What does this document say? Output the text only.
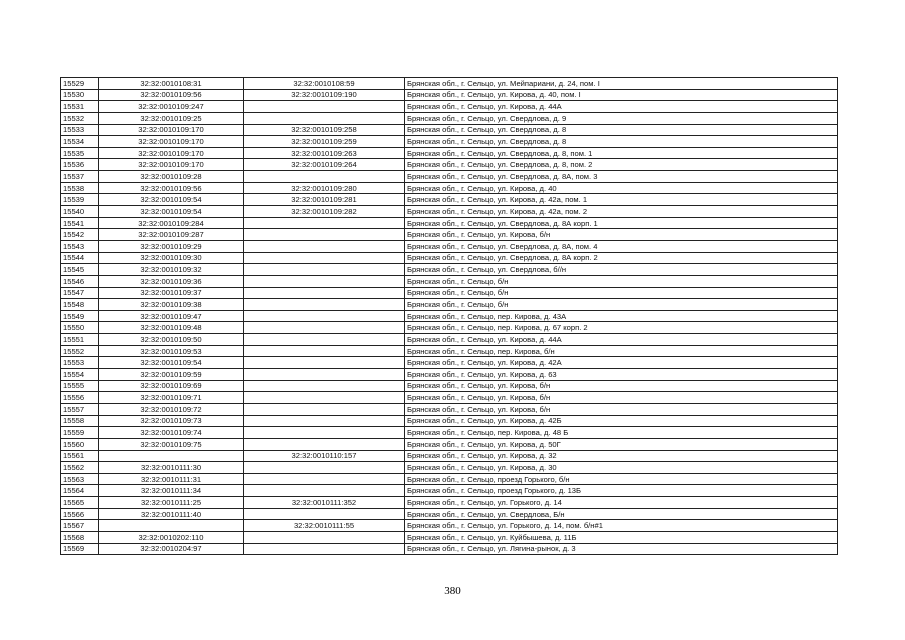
15529	32:32:0010108:31	32:32:0010108:59	Брянская обл., г. Сельцо, ул. Мейпариани, д. 24, пом. I
15530	32:32:0010109:56	32:32:0010109:190	Брянская обл., г. Сельцо, ул. Кирова, д. 40, пом. I
15531	32:32:0010109:247		Брянская обл., г. Сельцо, ул. Кирова, д. 44А
15532	32:32:0010109:25		Брянская обл., г. Сельцо, ул. Свердлова, д. 9
15533	32:32:0010109:170	32:32:0010109:258	Брянская обл., г. Сельцо, ул. Свердлова, д. 8
15534	32:32:0010109:170	32:32:0010109:259	Брянская обл., г. Сельцо, ул. Свердлова, д. 8
15535	32:32:0010109:170	32:32:0010109:263	Брянская обл., г. Сельцо, ул. Свердлова, д. 8, пом. 1
15536	32:32:0010109:170	32:32:0010109:264	Брянская обл., г. Сельцо, ул. Свердлова, д. 8, пом. 2
15537	32:32:0010109:28		Брянская обл., г. Сельцо, ул. Свердлова, д. 8А, пом. 3
15538	32:32:0010109:56	32:32:0010109:280	Брянская обл., г. Сельцо, ул. Кирова, д. 40
15539	32:32:0010109:54	32:32:0010109:281	Брянская обл., г. Сельцо, ул. Кирова, д. 42а, пом. 1
15540	32:32:0010109:54	32:32:0010109:282	Брянская обл., г. Сельцо, ул. Кирова, д. 42а, пом. 2
15541	32:32:0010109:284		Брянская обл., г. Сельцо, ул. Свердлова, д. 8А корп. 1
15542	32:32:0010109:287		Брянская обл., г. Сельцо, ул. Кирова, б/н
15543	32:32:0010109:29		Брянская обл., г. Сельцо, ул. Свердлова, д. 8А, пом. 4
15544	32:32:0010109:30		Брянская обл., г. Сельцо, ул. Свердлова, д. 8А корп. 2
15545	32:32:0010109:32		Брянская обл., г. Сельцо, ул. Свердлова, б//н
15546	32:32:0010109:36		Брянская обл., г. Сельцо, б/н
15547	32:32:0010109:37		Брянская обл., г. Сельцо, б/н
15548	32:32:0010109:38		Брянская обл., г. Сельцо, б/н
15549	32:32:0010109:47		Брянская обл., г. Сельцо, пер. Кирова, д. 43А
15550	32:32:0010109:48		Брянская обл., г. Сельцо, пер. Кирова, д. 67 корп. 2
15551	32:32:0010109:50		Брянская обл., г. Сельцо, ул. Кирова, д. 44А
15552	32:32:0010109:53		Брянская обл., г. Сельцо, пер. Кирова, б/н
15553	32:32:0010109:54		Брянская обл., г. Сельцо, ул. Кирова, д. 42А
15554	32:32:0010109:59		Брянская обл., г. Сельцо, ул. Кирова, д. 63
15555	32:32:0010109:69		Брянская обл., г. Сельцо, ул. Кирова, б/н
15556	32:32:0010109:71		Брянская обл., г. Сельцо, ул. Кирова, б/н
15557	32:32:0010109:72		Брянская обл., г. Сельцо, ул. Кирова, б/н
15558	32:32:0010109:73		Брянская обл., г. Сельцо, ул. Кирова, д. 42Б
15559	32:32:0010109:74		Брянская обл., г. Сельцо, пер. Кирова, д. 48 Б
15560	32:32:0010109:75		Брянская обл., г. Сельцо, ул. Кирова, д. 50Г
15561		32:32:0010110:157	Брянская обл., г. Сельцо, ул. Кирова, д. 32
15562	32:32:0010111:30		Брянская обл., г. Сельцо, ул. Кирова, д. 30
15563	32:32:0010111:31		Брянская обл., г. Сельцо, проезд Горького, б/н
15564	32:32:0010111:34		Брянская обл., г. Сельцо, проезд Горького, д. 13Б
15565	32:32:0010111:25	32:32:0010111:352	Брянская обл., г. Сельцо, ул. Горького, д. 14
15566	32:32:0010111:40		Брянская обл., г. Сельцо, ул. Свердлова, Б/н
15567		32:32:0010111:55	Брянская обл., г. Сельцо, ул. Горького, д. 14, пом. б/н#1
15568	32:32:0010202:110		Брянская обл., г. Сельцо, ул. Куйбышева, д. 11Б
15569	32:32:0010204:97		Брянская обл., г. Сельцо, ул. Лягина-рынок, д. 3
380
